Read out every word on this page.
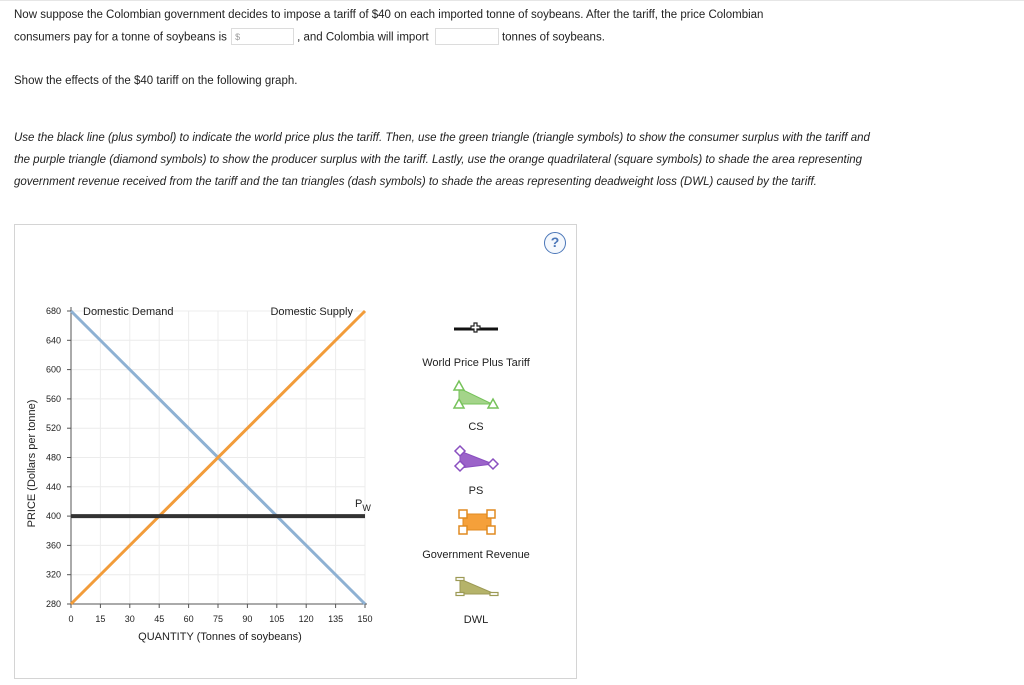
Now suppose the Colombian government decides to impose a tariff of $40 on each imported tonne of soybeans. After the tariff, the price Colombian
consumers pay for a tonne of soybeans is $	, and Colombia will import	tonnes of soybeans.
Show the effects of the $40 tariff on the following graph.
Use the black line (plus symbol) to indicate the world price plus the tariff. Then, use the green triangle (triangle symbols) to show the consumer surplus with the tariff and the purple triangle (diamond symbols) to show the producer surplus with the tariff. Lastly, use the orange quadrilateral (square symbols) to shade the area representing government revenue received from the tariff and the tan triangles (dash symbols) to shade the areas representing deadweight loss (DWL) caused by the tariff.
?
0 15 30 45 60 75 90 105 120 135 150
280
320
360
400
440
480
520
560
600
640
680
QUANTITY (Tonnes of soybeans)
PRICE (Dollars per tonne)
Domestic Demand	Domestic Supply
$P_W$
World Price Plus Tariff
CS
PS
Government Revenue
DWL
